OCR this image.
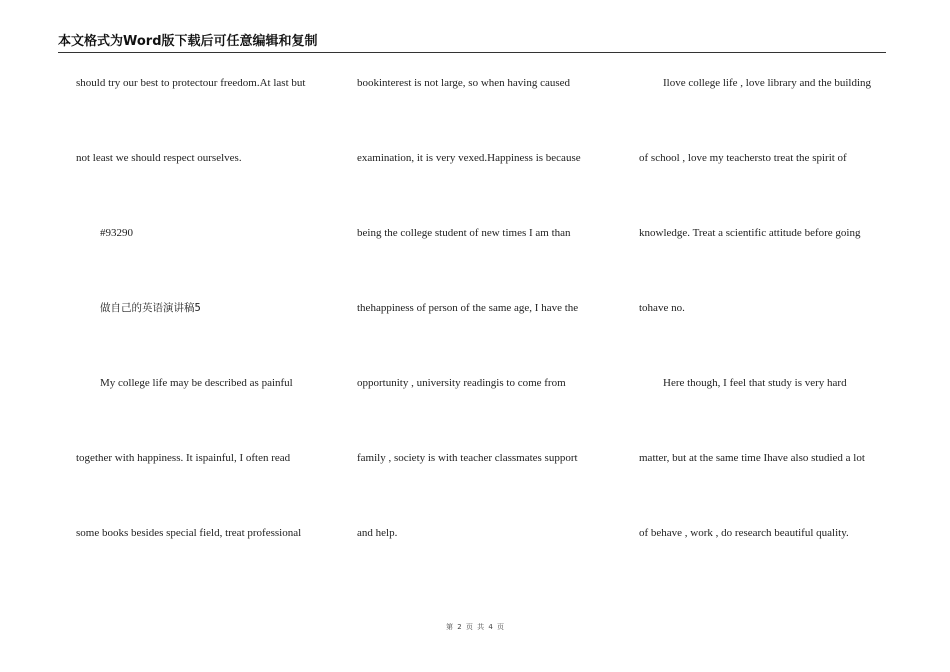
本文格式为Word版下载后可任意编辑和复制
should try our best to protectour freedom.At last but
not least we should respect ourselves.
#93290
做自己的英语演讲稿5
My college life may be described as painful
together with happiness. It ispainful, I often read
some books besides special field, treat professional
bookinterest is not large, so when having caused
examination, it is very vexed.Happiness is because
being the college student of new times I am than
thehappiness of person of the same age, I have the
opportunity , university readingis to come from
family , society is with teacher classmates support
and help.
Ilove college life , love library and the building
of school , love my teachersto treat the spirit of
knowledge. Treat a scientific attitude before going
tohave no.
Here though, I feel that study is very hard
matter, but at the same time Ihave also studied a lot
of behave , work , do research beautiful quality.
第 2 页 共 4 页
